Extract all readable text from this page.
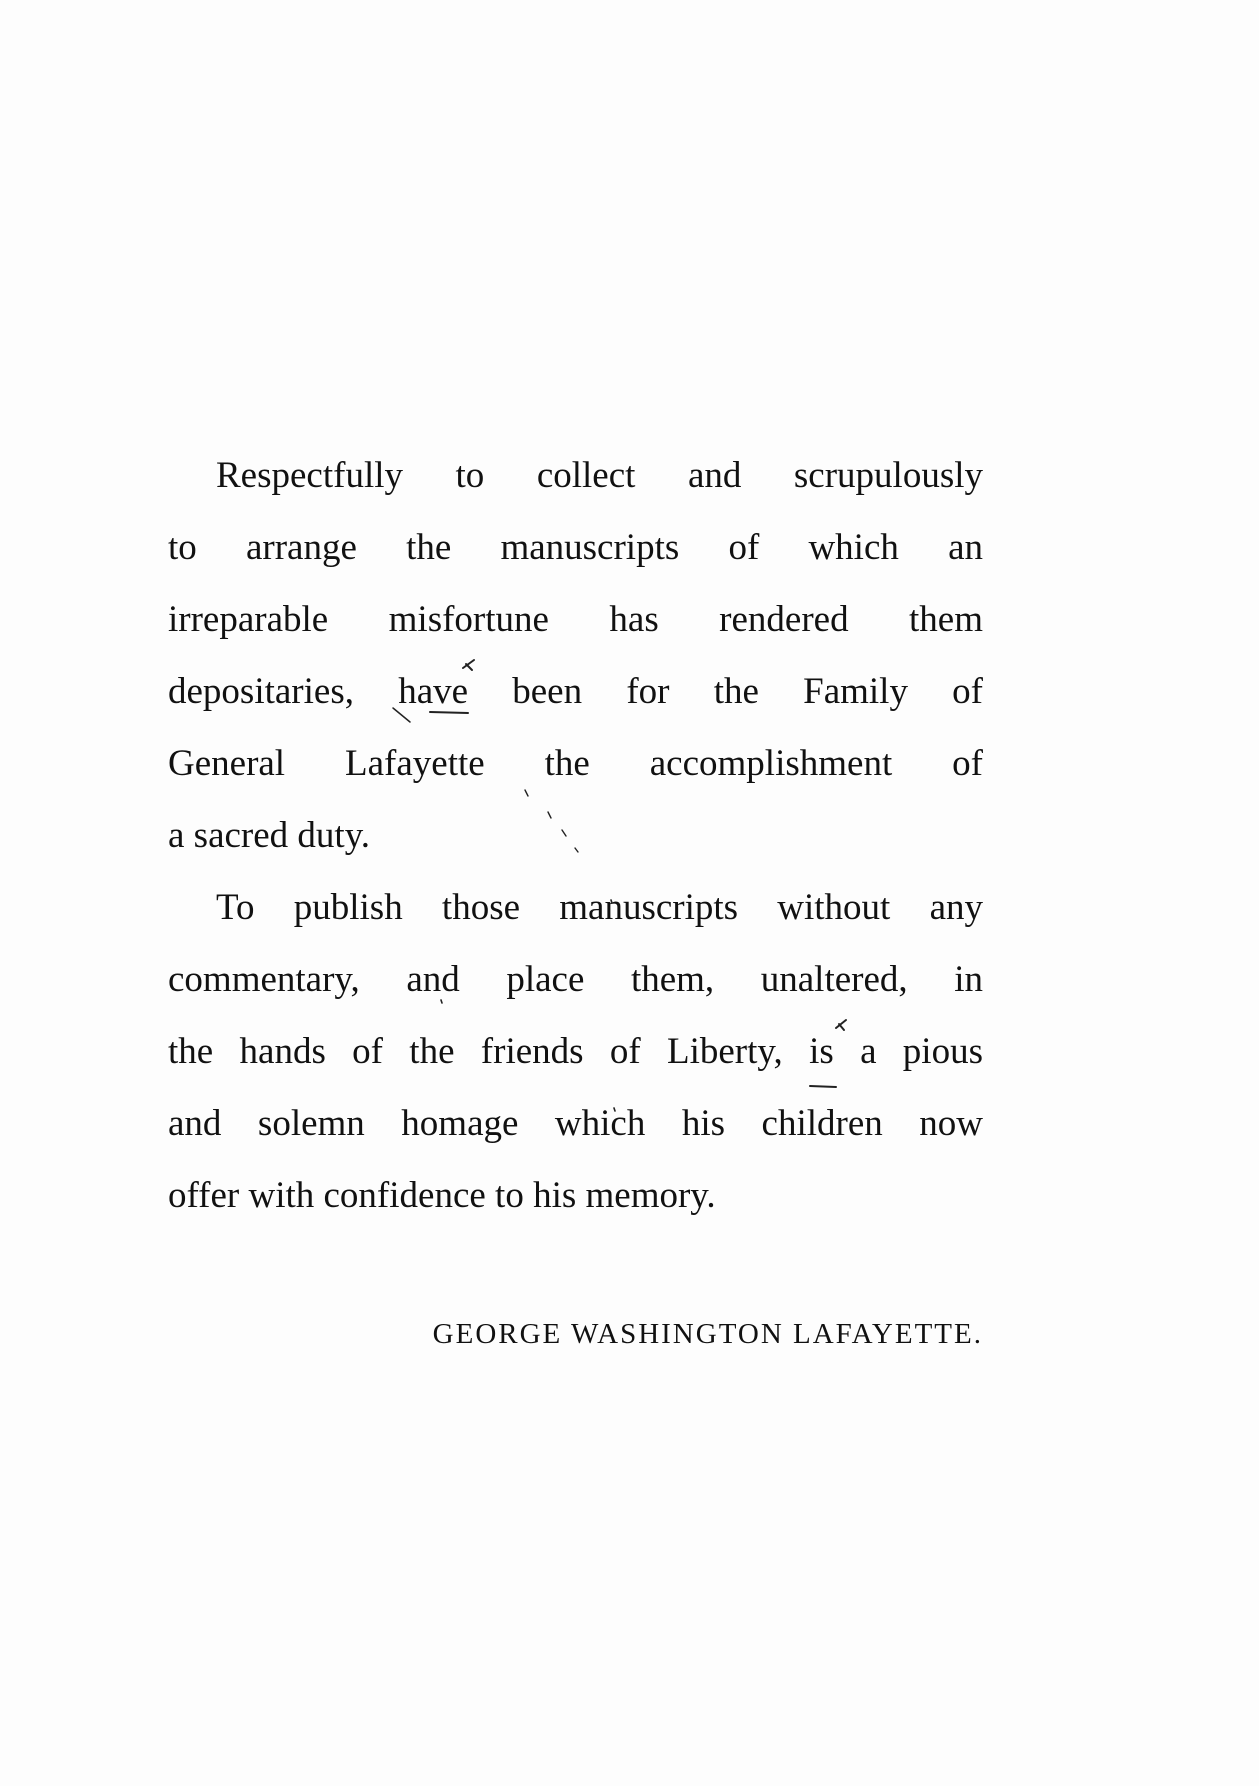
Respectfully to collect and scrupulously
to arrange the manuscripts of which an
irreparable misfortune has rendered them
depositaries, have been for the Family of
General Lafayette the accomplishment of
a sacred duty.
To publish those manuscripts without any
commentary, and place them, unaltered, in
the hands of the friends of Liberty, is a pious
and solemn homage which his children now
offer with confidence to his memory.
GEORGE WASHINGTON LAFAYETTE.
